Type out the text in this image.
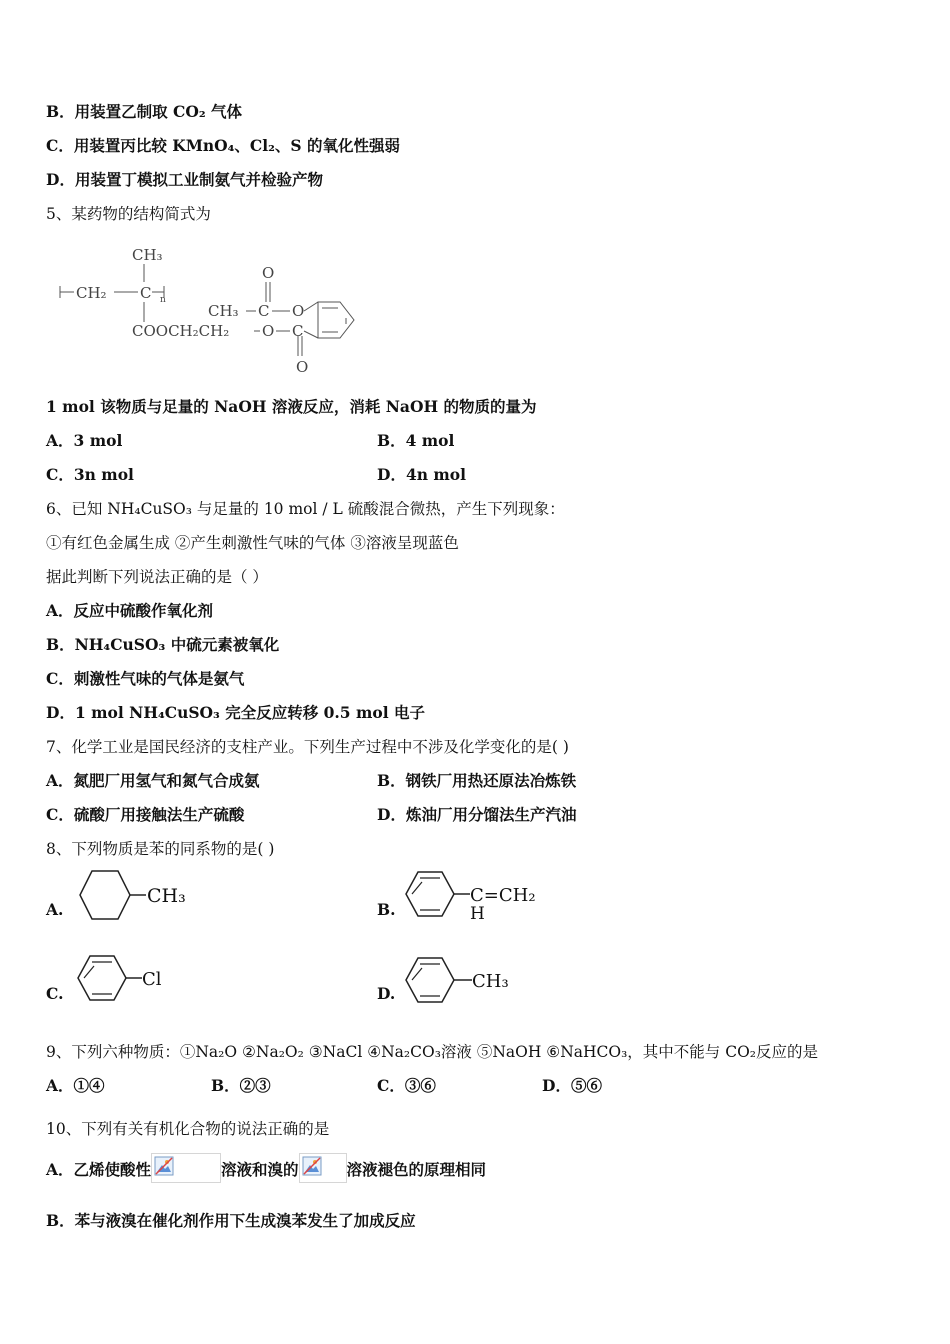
B．用装置乙制取 CO₂ 气体
C．用装置丙比较 KMnO₄、Cl₂、S 的氧化性强弱
D．用装置丁模拟工业制氨气并检验产物
5、某药物的结构简式为
CH₃
CH₂ C n
COOCH₂CH₂ O C
O
CH₃ C
O
O
1 mol 该物质与足量的 NaOH 溶液反应，消耗 NaOH 的物质的量为
A．3 mol	B．4 mol
C．3n mol	D．4n mol
6、已知 NH₄CuSO₃ 与足量的 10 mol / L 硫酸混合微热，产生下列现象：
①有红色金属生成 ②产生刺激性气味的气体 ③溶液呈现蓝色
据此判断下列说法正确的是（ ）
A．反应中硫酸作氧化剂
B．NH₄CuSO₃ 中硫元素被氧化
C．刺激性气味的气体是氨气
D．1 mol NH₄CuSO₃ 完全反应转移 0.5 mol 电子
7、化学工业是国民经济的支柱产业。下列生产过程中不涉及化学变化的是( )
A．氮肥厂用氢气和氮气合成氨	B．钢铁厂用热还原法冶炼铁
C．硫酸厂用接触法生产硫酸	D．炼油厂用分馏法生产汽油
8、下列物质是苯的同系物的是( )
A.
CH₃
B.
C=CH₂
H
C.
Cl
D.
CH₃
9、下列六种物质：①Na₂O ②Na₂O₂ ③NaCl ④Na₂CO₃溶液 ⑤NaOH ⑥NaHCO₃，其中不能与 CO₂反应的是
A．①④	B．②③	C．③⑥	D．⑤⑥
10、下列有关有机化合物的说法正确的是
A．乙烯使酸性	溶液和溴的	溶液褪色的原理相同
B．苯与液溴在催化剂作用下生成溴苯发生了加成反应
